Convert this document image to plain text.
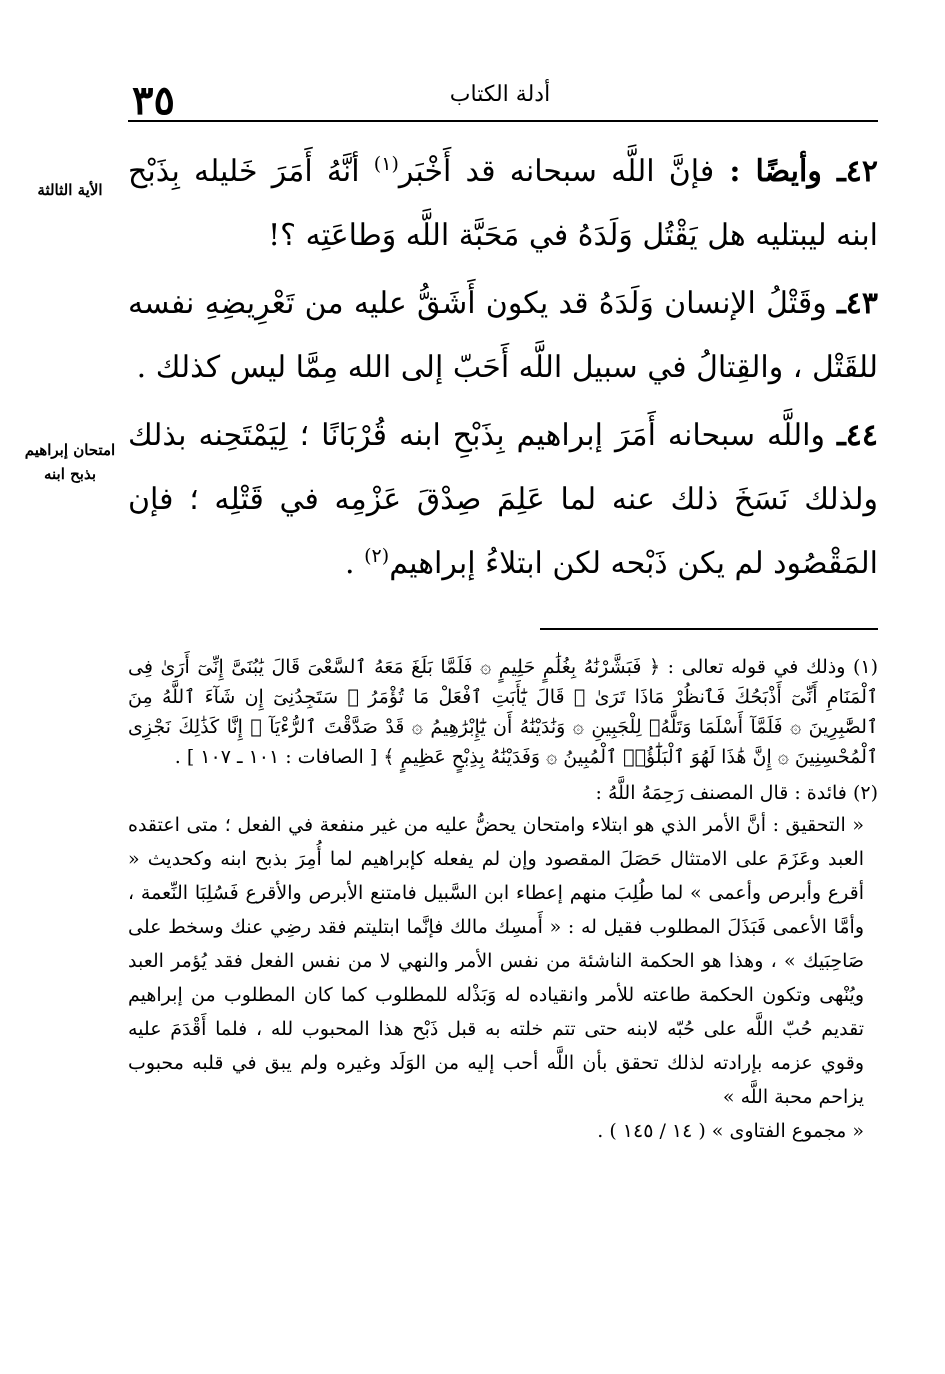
٣٥	أدلة الكتاب
الأية الثالثة
امتحان إبراهيم بذبح ابنه

٤٢ـ وأيضًا : فإنَّ اللَّه سبحانه قد أَخْبَر$^{(١)}$ أنَّهُ أَمَرَ خَليله بِذَبْح ابنه ليبتليه هل يَقْتُل وَلَدَهُ في مَحَبَّة اللَّه وَطاعَتِه ؟!

٤٣ـ وقَتْلُ الإنسان وَلَدَهُ قد يكون أَشَقُّ عليه من تَعْرِيضِهِ نفسه للقَتْل ، والقِتالُ في سبيل اللَّه أَحَبّ إلى الله مِمَّا ليس كذلك .

٤٤ـ واللَّه سبحانه أَمَرَ إبراهيم بِذَبْحِ ابنه قُرْبَانًا ؛ لِيَمْتَحِنه بذلك ولذلك نَسَخَ ذلك عنه لما عَلِمَ صِدْقَ عَزْمِه في قَتْلِه ؛ فإن المَقْصُود لم يكن ذَبْحه لكن ابتلاءُ إبراهيم$^{(٢)}$ .

(١) وذلك في قوله تعالى : ﴿ فَبَشَّرْنَٰهُ بِغُلَٰمٍ حَلِيمٍ ۞ فَلَمَّا بَلَغَ مَعَهُ ٱلسَّعْىَ قَالَ يَٰبُنَىَّ إِنِّىٓ أَرَىٰ فِى ٱلْمَنَامِ أَنِّىٓ أَذْبَحُكَ فَٱنظُرْ مَاذَا تَرَىٰ ۚ قَالَ يَٰٓأَبَتِ ٱفْعَلْ مَا تُؤْمَرُ ۖ سَتَجِدُنِىٓ إِن شَآءَ ٱللَّهُ مِنَ ٱلصَّٰبِرِينَ ۞ فَلَمَّآ أَسْلَمَا وَتَلَّهُۥ لِلْجَبِينِ ۞ وَنَٰدَيْنَٰهُ أَن يَٰٓإِبْرَٰهِيمُ ۞ قَدْ صَدَّقْتَ ٱلرُّءْيَآ ۚ إِنَّا كَذَٰلِكَ نَجْزِى ٱلْمُحْسِنِينَ ۞ إِنَّ هَٰذَا لَهُوَ ٱلْبَلَٰٓؤُا۟ ٱلْمُبِينُ ۞ وَفَدَيْنَٰهُ بِذِبْحٍ عَظِيمٍ ﴾ [ الصافات : ١٠١ ـ ١٠٧ ] .
(٢) فائدة : قال المصنف رَحِمَهُ اللَّهُ :

« التحقيق : أنَّ الأمر الذي هو ابتلاء وامتحان يحضُّ عليه من غير منفعة في الفعل ؛ متى اعتقده العبد وعَزَمَ على الامتثال حَصَلَ المقصود وإن لم يفعله كإبراهيم لما أُمِرَ بذبح ابنه وكحديث « أقرع وأبرص وأعمى » لما طُلِبَ منهم إعطاء ابن السَّبيل فامتنع الأبرص والأقرع فَسُلِبَا النِّعمة ، وأمَّا الأعمى فَبَذَلَ المطلوب فقيل له : « أَمسِك مالك فإنَّما ابتليتم فقد رضِي عنك وسخط على صَاحِبَيك » ، وهذا هو الحكمة الناشئة من نفس الأمر والنهي لا من نفس الفعل فقد يُؤمر العبد ويُنْهى وتكون الحكمة طاعته للأمر وانقياده له وَبَذْله للمطلوب كما كان المطلوب من إبراهيم تقديم حُبّ اللَّه على حُبّه لابنه حتى تتم خلته به قبل ذَبْح هذا المحبوب لله ، فلما أَقْدَمَ عليه وقوي عزمه بإرادته لذلك تحقق بأن اللَّه أحب إليه من الوَلَد وغيره ولم يبق في قلبه محبوب يزاحم محبة اللَّه »

« مجموع الفتاوى » ( ١٤ / ١٤٥ ) .
